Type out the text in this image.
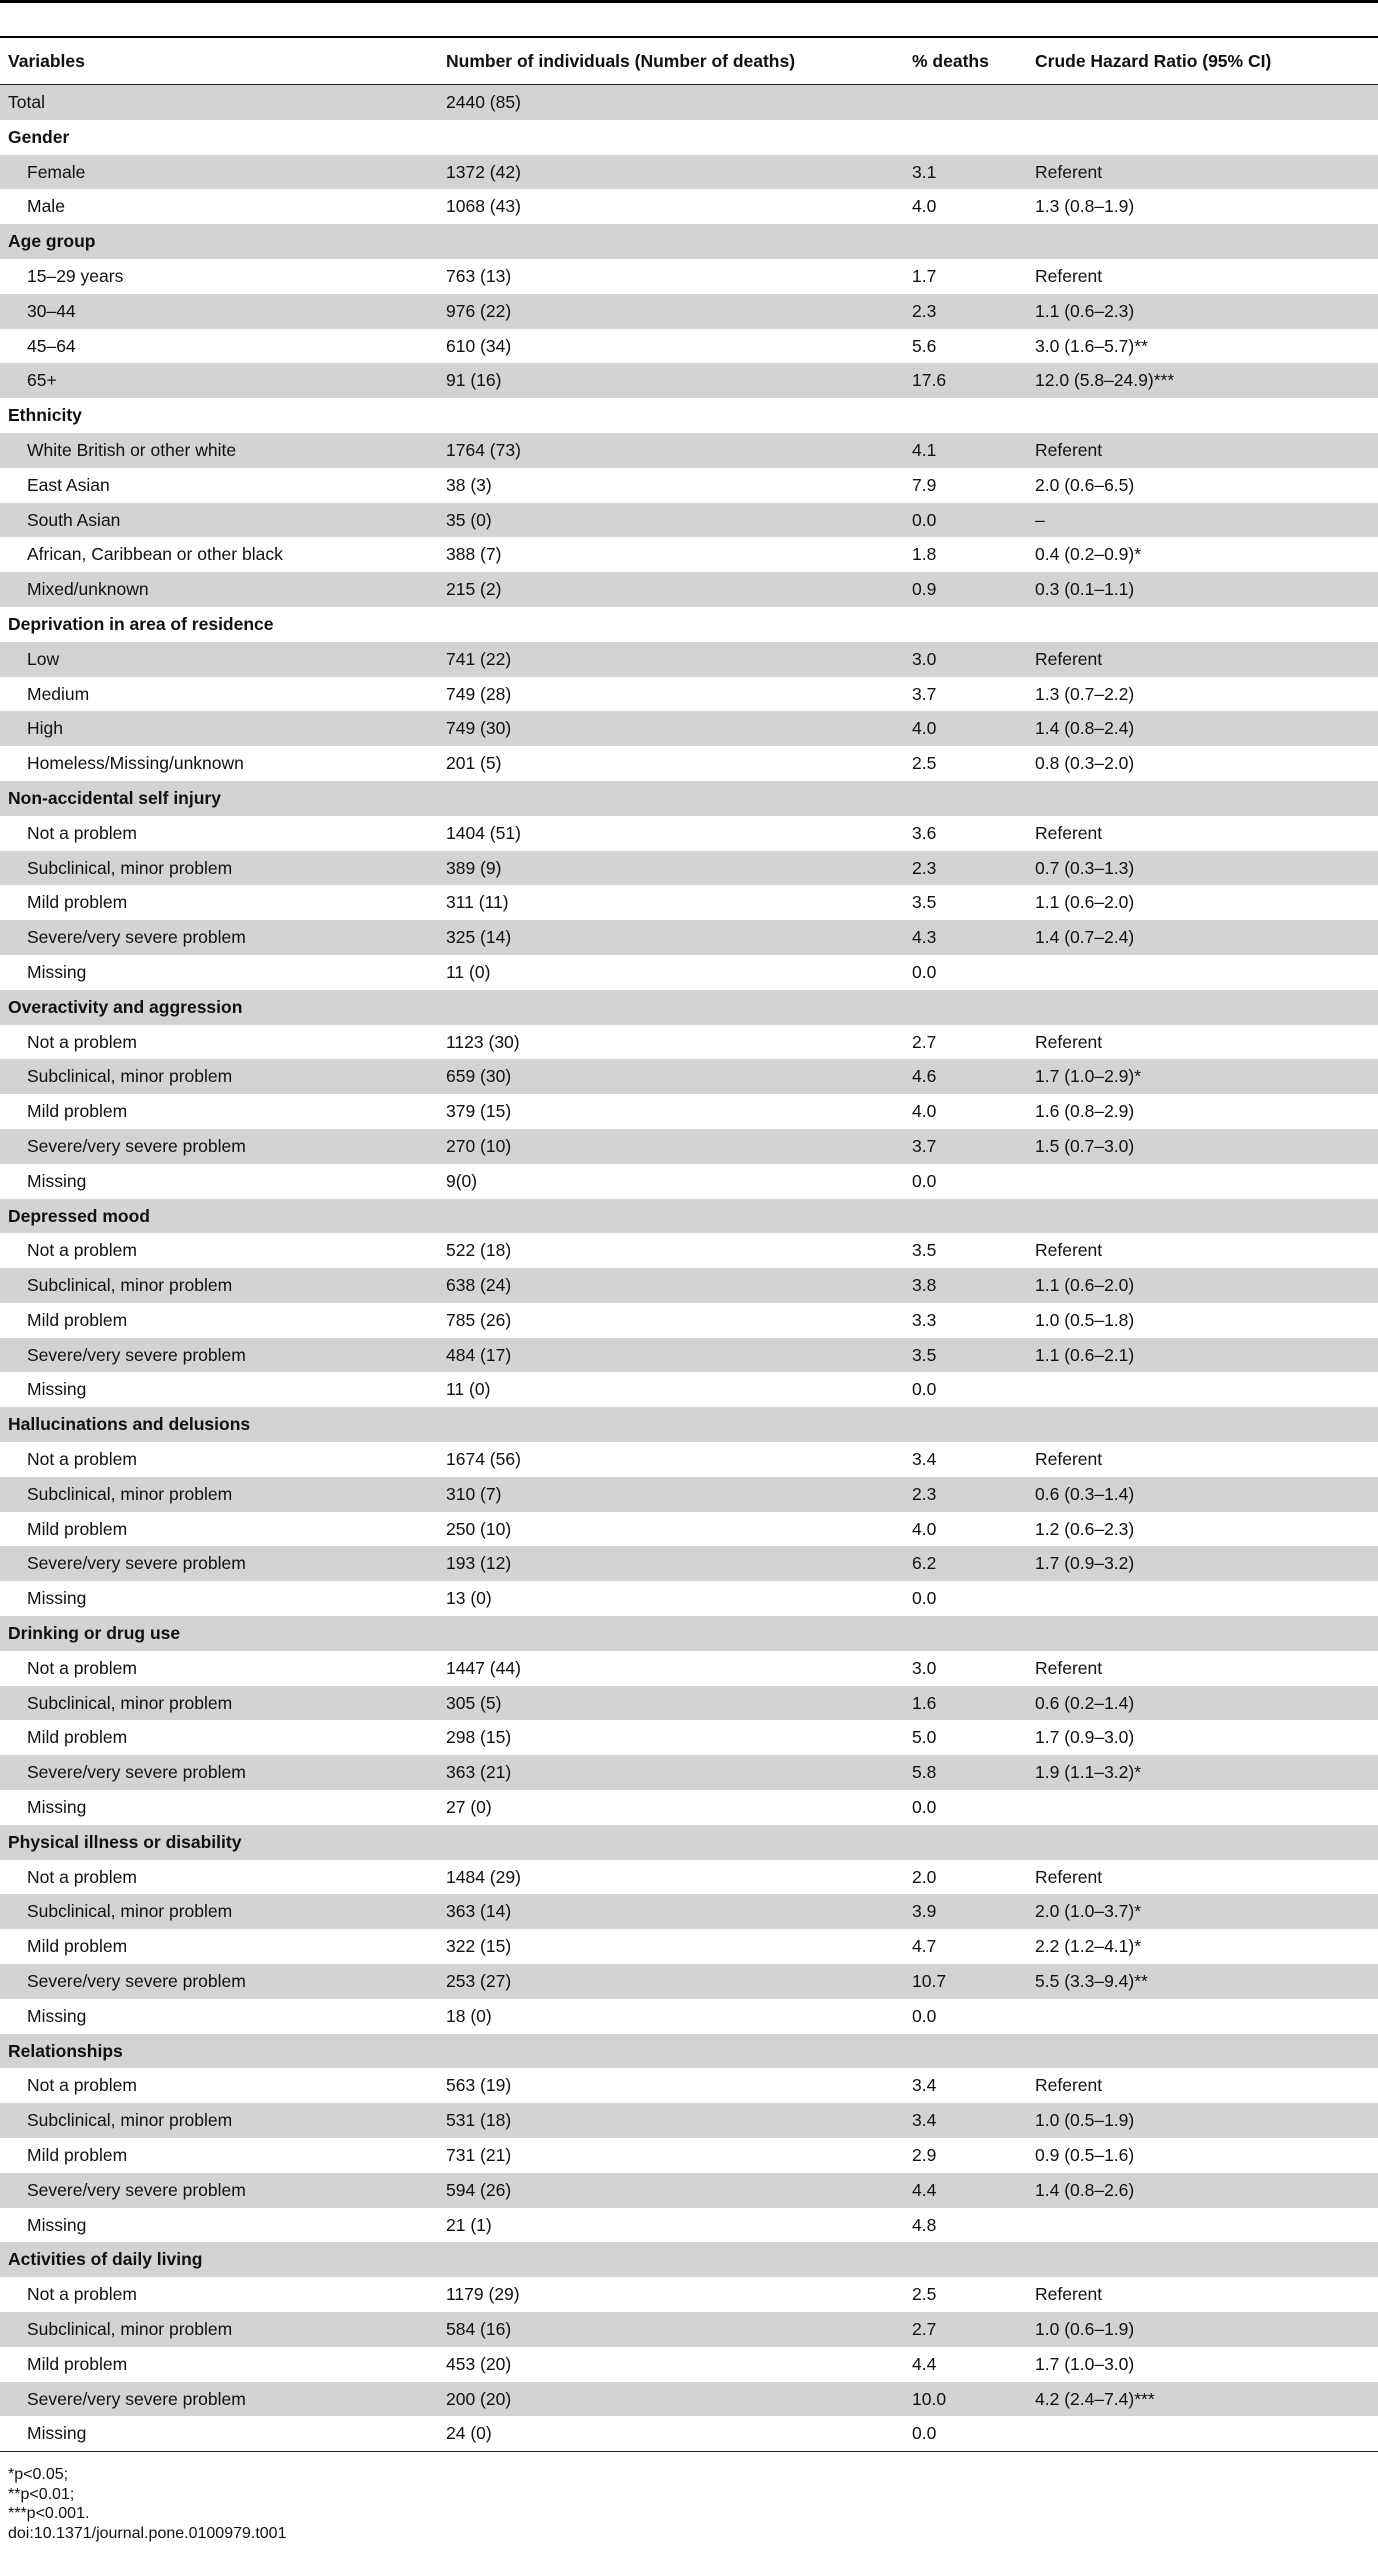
Variables	Number of individuals (Number of deaths)	% deaths	Crude Hazard Ratio (95% CI)
Total	2440 (85)
Gender
Female	1372 (42)	3.1	Referent
Male	1068 (43)	4.0	1.3 (0.8–1.9)
Age group
15–29 years	763 (13)	1.7	Referent
30–44	976 (22)	2.3	1.1 (0.6–2.3)
45–64	610 (34)	5.6	3.0 (1.6–5.7)**
65+	91 (16)	17.6	12.0 (5.8–24.9)***
Ethnicity
White British or other white	1764 (73)	4.1	Referent
East Asian	38 (3)	7.9	2.0 (0.6–6.5)
South Asian	35 (0)	0.0	–
African, Caribbean or other black	388 (7)	1.8	0.4 (0.2–0.9)*
Mixed/unknown	215 (2)	0.9	0.3 (0.1–1.1)
Deprivation in area of residence
Low	741 (22)	3.0	Referent
Medium	749 (28)	3.7	1.3 (0.7–2.2)
High	749 (30)	4.0	1.4 (0.8–2.4)
Homeless/Missing/unknown	201 (5)	2.5	0.8 (0.3–2.0)
Non-accidental self injury
Not a problem	1404 (51)	3.6	Referent
Subclinical, minor problem	389 (9)	2.3	0.7 (0.3–1.3)
Mild problem	311 (11)	3.5	1.1 (0.6–2.0)
Severe/very severe problem	325 (14)	4.3	1.4 (0.7–2.4)
Missing	11 (0)	0.0
Overactivity and aggression
Not a problem	1123 (30)	2.7	Referent
Subclinical, minor problem	659 (30)	4.6	1.7 (1.0–2.9)*
Mild problem	379 (15)	4.0	1.6 (0.8–2.9)
Severe/very severe problem	270 (10)	3.7	1.5 (0.7–3.0)
Missing	9(0)	0.0
Depressed mood
Not a problem	522 (18)	3.5	Referent
Subclinical, minor problem	638 (24)	3.8	1.1 (0.6–2.0)
Mild problem	785 (26)	3.3	1.0 (0.5–1.8)
Severe/very severe problem	484 (17)	3.5	1.1 (0.6–2.1)
Missing	11 (0)	0.0
Hallucinations and delusions
Not a problem	1674 (56)	3.4	Referent
Subclinical, minor problem	310 (7)	2.3	0.6 (0.3–1.4)
Mild problem	250 (10)	4.0	1.2 (0.6–2.3)
Severe/very severe problem	193 (12)	6.2	1.7 (0.9–3.2)
Missing	13 (0)	0.0
Drinking or drug use
Not a problem	1447 (44)	3.0	Referent
Subclinical, minor problem	305 (5)	1.6	0.6 (0.2–1.4)
Mild problem	298 (15)	5.0	1.7 (0.9–3.0)
Severe/very severe problem	363 (21)	5.8	1.9 (1.1–3.2)*
Missing	27 (0)	0.0
Physical illness or disability
Not a problem	1484 (29)	2.0	Referent
Subclinical, minor problem	363 (14)	3.9	2.0 (1.0–3.7)*
Mild problem	322 (15)	4.7	2.2 (1.2–4.1)*
Severe/very severe problem	253 (27)	10.7	5.5 (3.3–9.4)**
Missing	18 (0)	0.0
Relationships
Not a problem	563 (19)	3.4	Referent
Subclinical, minor problem	531 (18)	3.4	1.0 (0.5–1.9)
Mild problem	731 (21)	2.9	0.9 (0.5–1.6)
Severe/very severe problem	594 (26)	4.4	1.4 (0.8–2.6)
Missing	21 (1)	4.8
Activities of daily living
Not a problem	1179 (29)	2.5	Referent
Subclinical, minor problem	584 (16)	2.7	1.0 (0.6–1.9)
Mild problem	453 (20)	4.4	1.7 (1.0–3.0)
Severe/very severe problem	200 (20)	10.0	4.2 (2.4–7.4)***
Missing	24 (0)	0.0
*p<0.05;
**p<0.01;
***p<0.001.
doi:10.1371/journal.pone.0100979.t001
